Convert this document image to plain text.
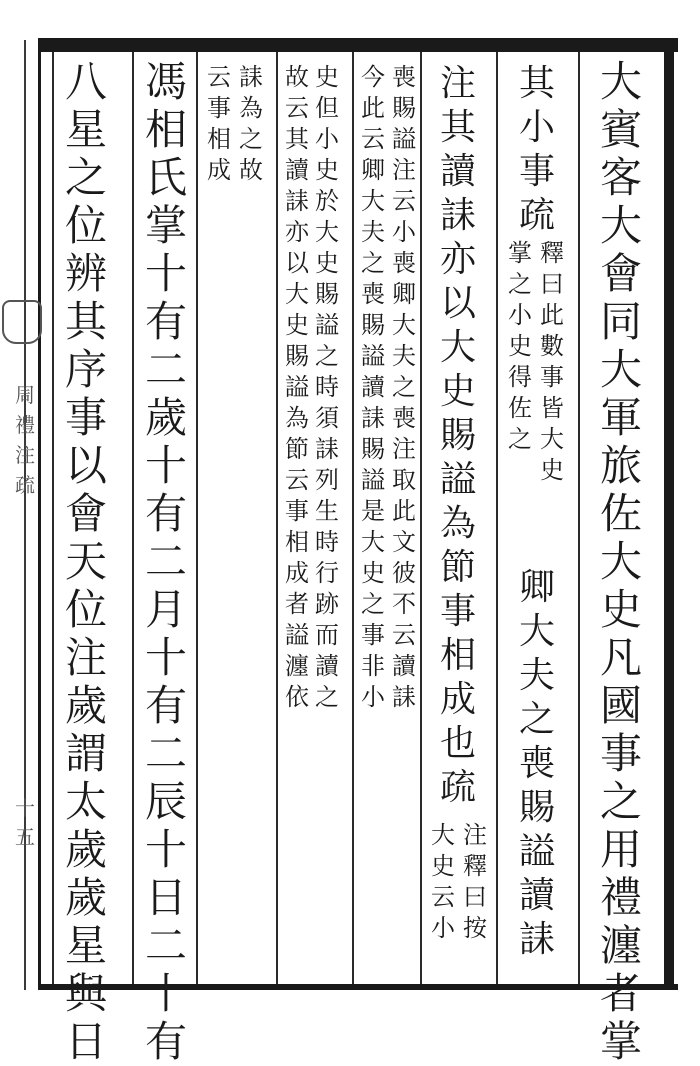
周
禮
注
疏
十五
大
賓
客
大
會
同
大
軍
旅
佐
大
史
凡
國
事
之
用
禮
瀍
者
掌
其
小
事
疏
釋
曰
此
數
事
皆
大
史
掌
之
小
史
得
佐
之
卿
大
夫
之
喪
賜
謚
讀
誄
注
其
讀
誄
亦
以
大
史
賜
謚
為
節
事
相
成
也
疏
注
釋
曰
按
大
史
云
小
喪
賜
謚
注
云
小
喪
卿
大
夫
之
喪
注
取
此
文
彼
不
云
讀
誄
今
此
云
卿
大
夫
之
喪
賜
謚
讀
誄
賜
謚
是
大
史
之
事
非
小
史
但
小
史
於
大
史
賜
謚
之
時
須
誄
列
生
時
行
跡
而
讀
之
故
云
其
讀
誄
亦
以
大
史
賜
謚
為
節
云
事
相
成
者
謚
瀍
依
誄
為
之
故
云
事
相
成
馮
相
氏
掌
十
有
二
歲
十
有
二
月
十
有
二
辰
十
日
二
十
有
八
星
之
位
辨
其
序
事
以
會
天
位
注
歲
謂
太
歲
歲
星
與
日
